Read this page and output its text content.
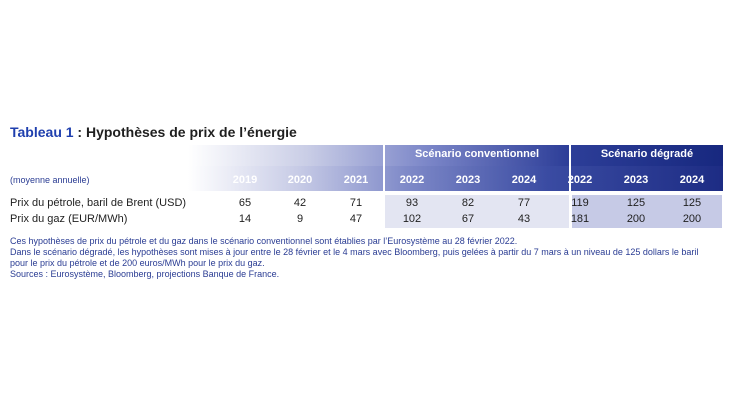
Tableau 1 : Hypothèses de prix de l’énergie
Scénario conventionnel	Scénario dégradé
(moyenne annuelle)	2019	2020	2021	2022	2023	2024	2022	2023	2024
Prix du pétrole, baril de Brent (USD)	65	42	71	93	82	77	119	125	125
Prix du gaz (EUR/MWh)	14	9	47	102	67	43	181	200	200
Ces hypothèses de prix du pétrole et du gaz dans le scénario conventionnel sont établies par l’Eurosystème au 28 février 2022.
Dans le scénario dégradé, les hypothèses sont mises à jour entre le 28 février et le 4 mars avec Bloomberg, puis gelées à partir du 7 mars à un niveau de 125 dollars le baril
pour le prix du pétrole et de 200 euros/MWh pour le prix du gaz.
Sources : Eurosystème, Bloomberg, projections Banque de France.
